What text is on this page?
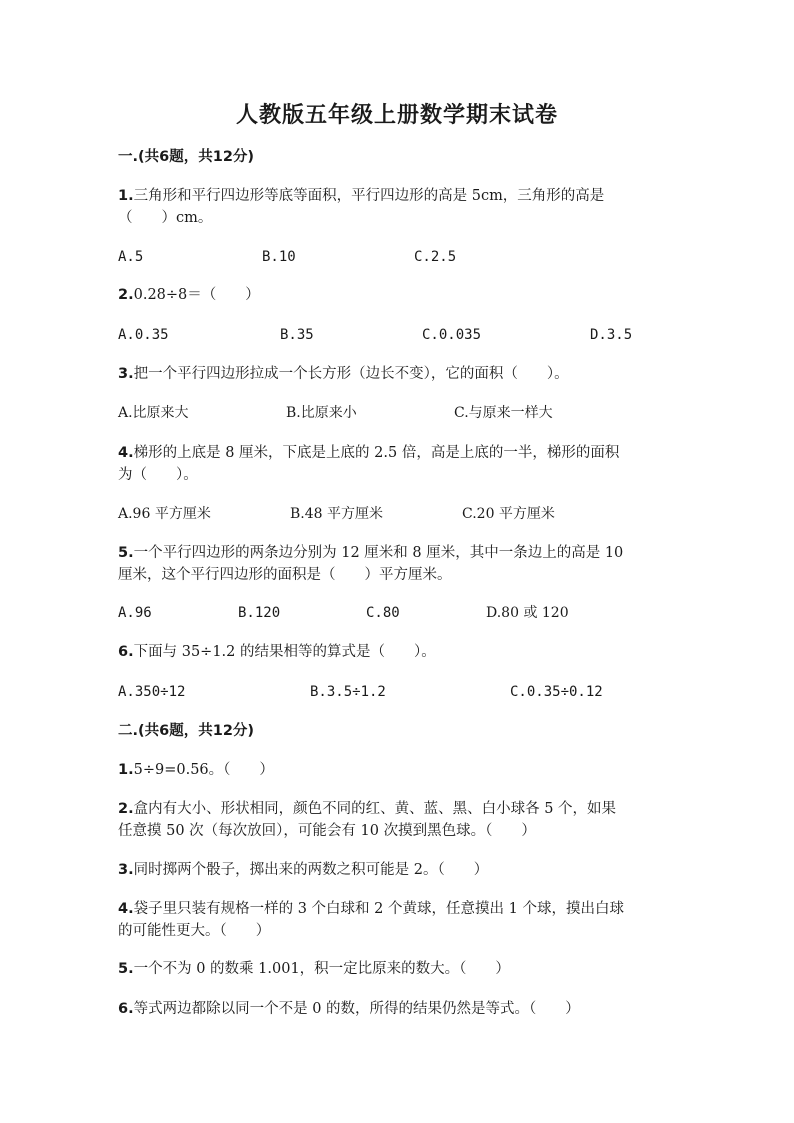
人教版五年级上册数学期末试卷
一.(共6题，共12分)
1.三角形和平行四边形等底等面积，平行四边形的高是 5cm，三角形的高是
（　　）cm。
A.5	B.10	C.2.5
2.0.28÷8＝（　　）
A.0.35	B.35	C.0.035	D.3.5
3.把一个平行四边形拉成一个长方形（边长不变），它的面积（　　）。
A.比原来大	B.比原来小	C.与原来一样大
4.梯形的上底是 8 厘米，下底是上底的 2.5 倍，高是上底的一半，梯形的面积
为（　　）。
A.96 平方厘米	B.48 平方厘米	C.20 平方厘米
5.一个平行四边形的两条边分别为 12 厘米和 8 厘米，其中一条边上的高是 10
厘米，这个平行四边形的面积是（　　）平方厘米。
A.96	B.120	C.80	D.80 或 120
6.下面与 35÷1.2 的结果相等的算式是（　　）。
A.350÷12	B.3.5÷1.2	C.0.35÷0.12
二.(共6题，共12分)
1.5÷9=0.56。（　　）
2.盒内有大小、形状相同，颜色不同的红、黄、蓝、黑、白小球各 5 个，如果
任意摸 50 次（每次放回），可能会有 10 次摸到黑色球。（　　）
3.同时掷两个骰子，掷出来的两数之积可能是 2。（　　）
4.袋子里只装有规格一样的 3 个白球和 2 个黄球，任意摸出 1 个球，摸出白球
的可能性更大。（　　）
5.一个不为 0 的数乘 1.001，积一定比原来的数大。（　　）
6.等式两边都除以同一个不是 0 的数，所得的结果仍然是等式。（　　）
